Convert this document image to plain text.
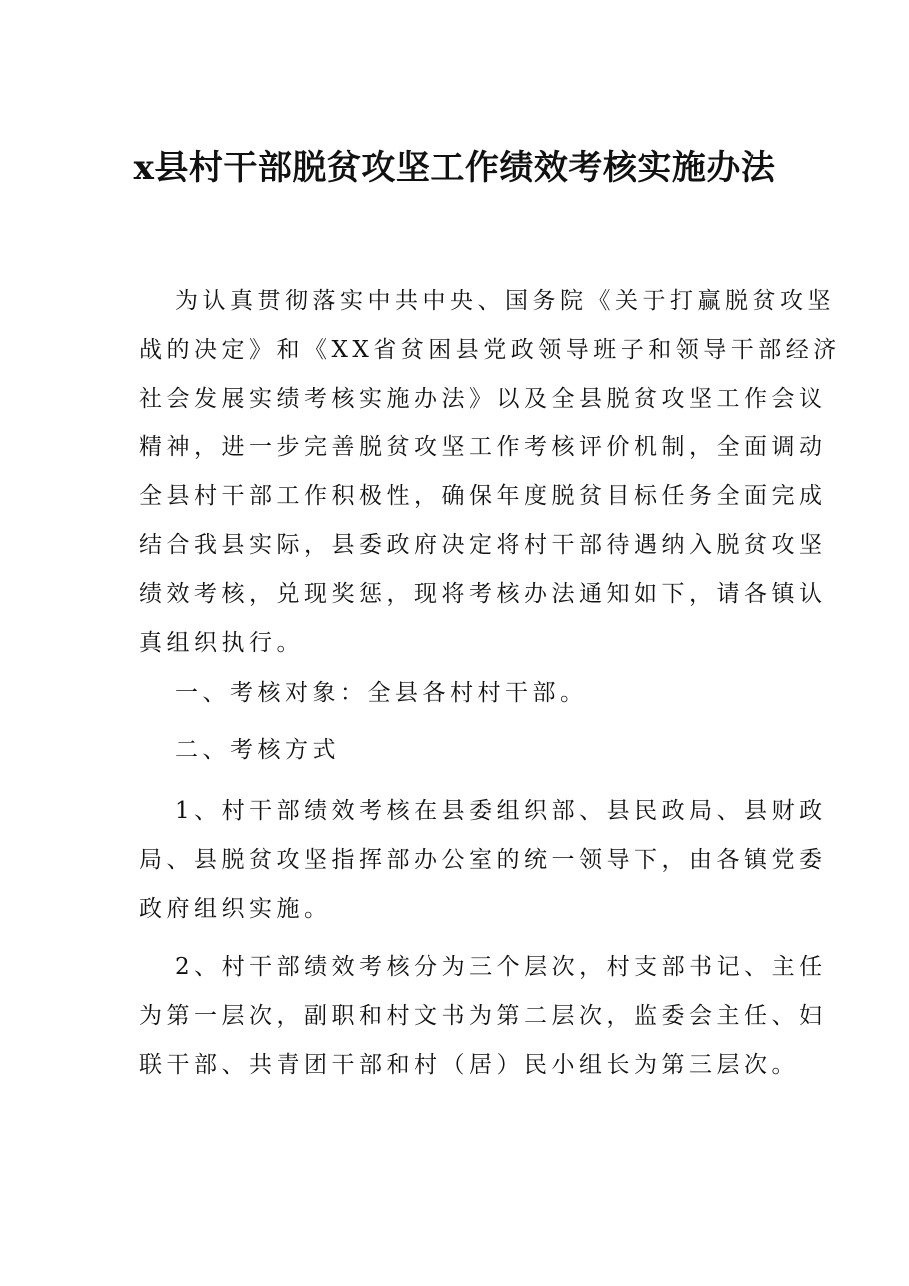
x县村干部脱贫攻坚工作绩效考核实施办法
为认真贯彻落实中共中央、国务院《关于打赢脱贫攻坚
战的决定》和《XX省贫困县党政领导班子和领导干部经济
社会发展实绩考核实施办法》以及全县脱贫攻坚工作会议
精神，进一步完善脱贫攻坚工作考核评价机制，全面调动
全县村干部工作积极性，确保年度脱贫目标任务全面完成
结合我县实际，县委政府决定将村干部待遇纳入脱贫攻坚
绩效考核，兑现奖惩，现将考核办法通知如下，请各镇认
真组织执行。
一、考核对象：全县各村村干部。
二、考核方式
1、村干部绩效考核在县委组织部、县民政局、县财政
局、县脱贫攻坚指挥部办公室的统一领导下，由各镇党委
政府组织实施。
2、村干部绩效考核分为三个层次，村支部书记、主任
为第一层次，副职和村文书为第二层次，监委会主任、妇
联干部、共青团干部和村（居）民小组长为第三层次。
